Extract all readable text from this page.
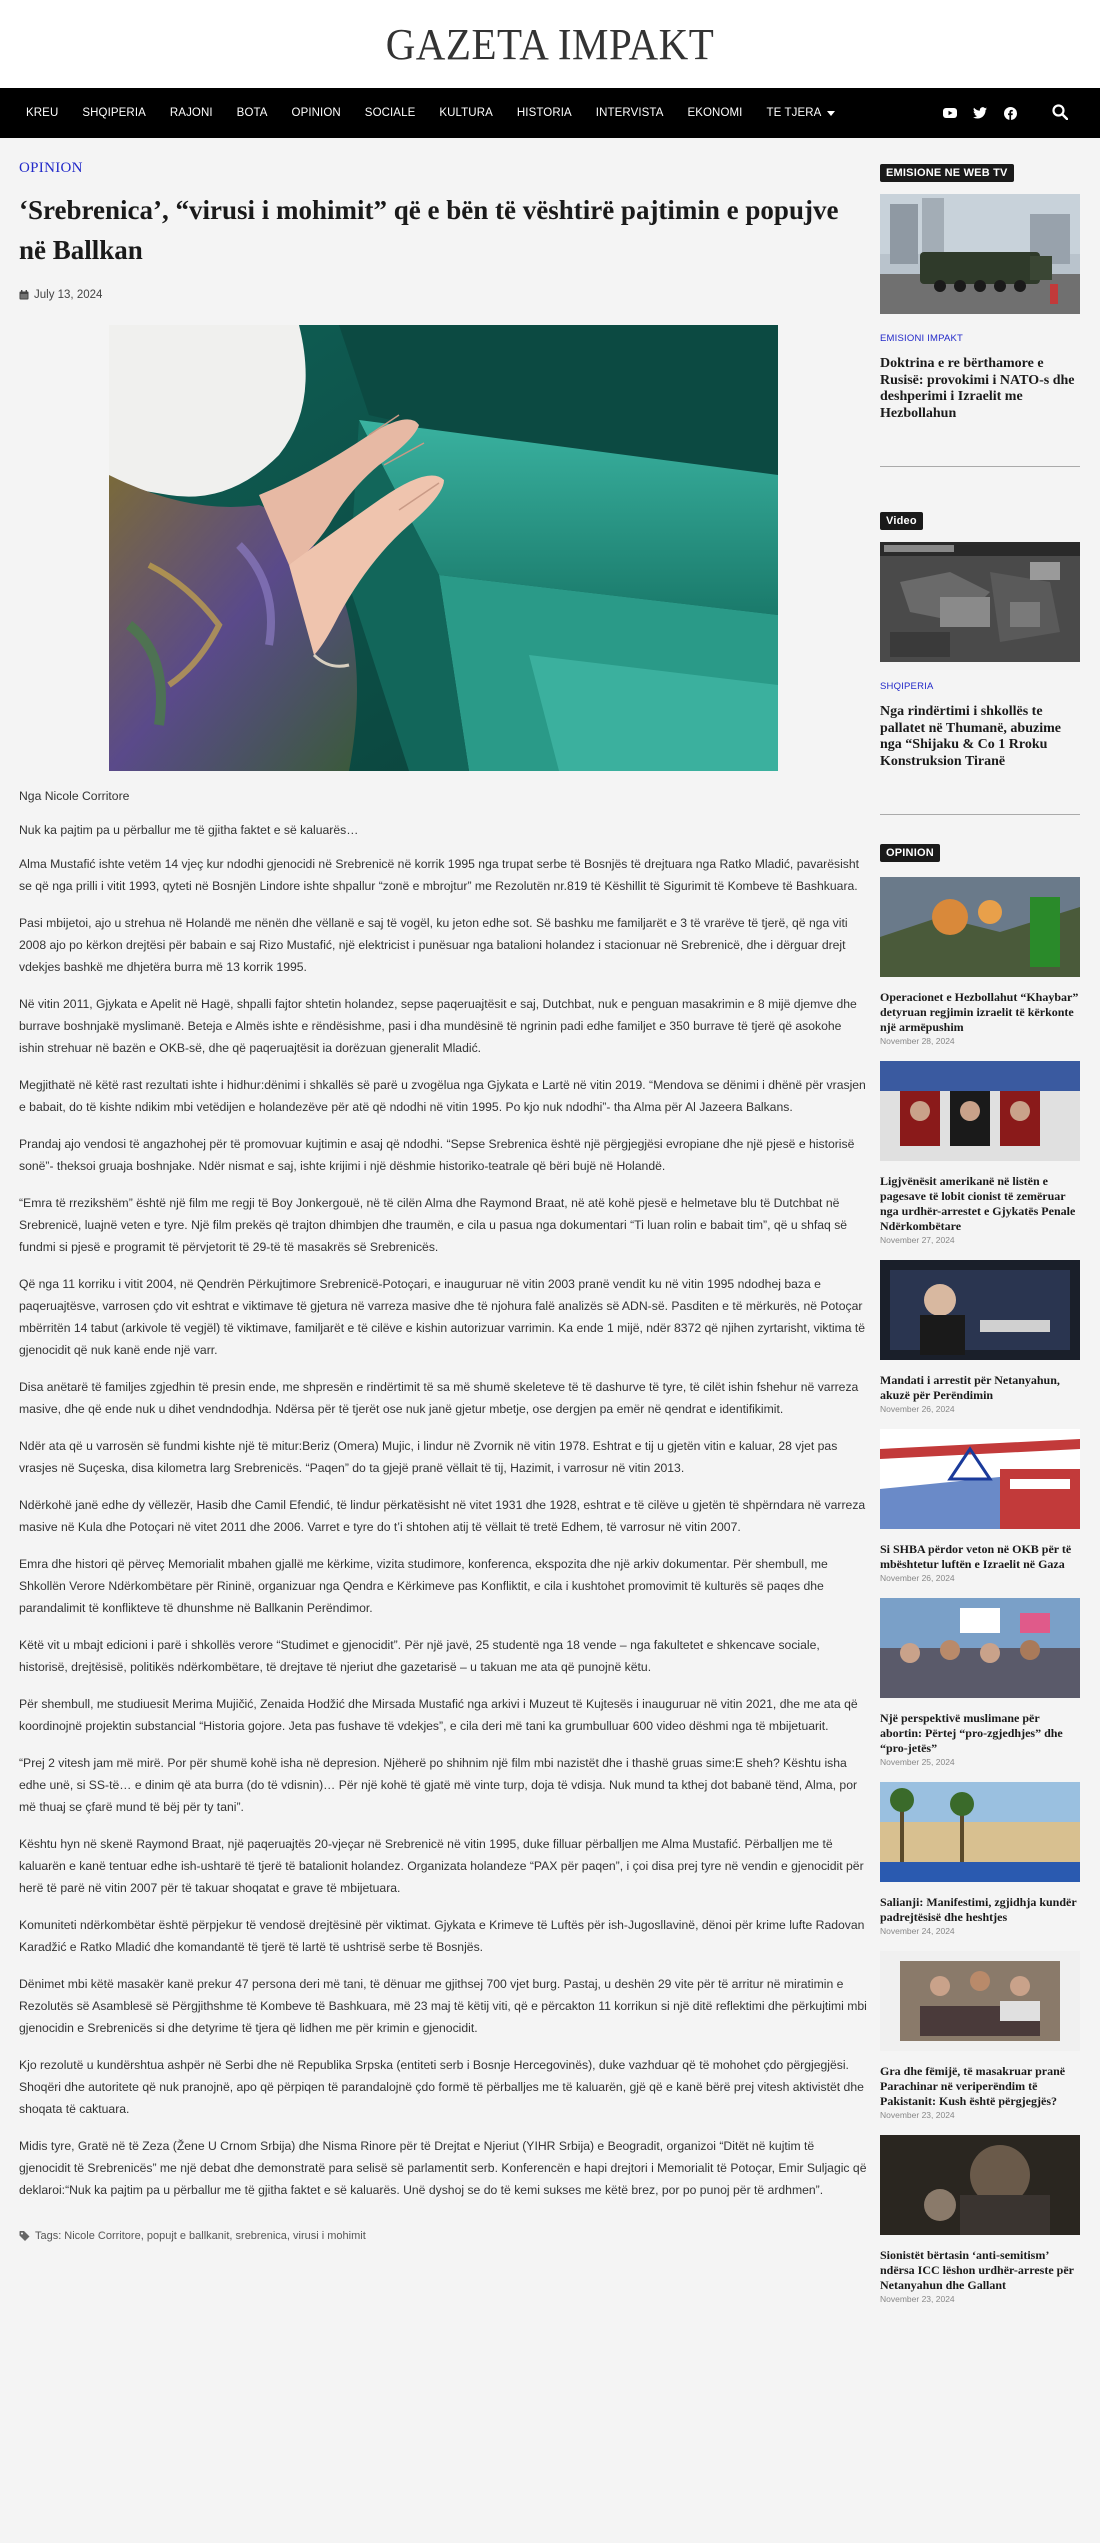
GAZETA IMPAKT
KREU SHQIPERIA RAJONI BOTA OPINION SOCIALE KULTURA HISTORIA INTERVISTA EKONOMI TE TJERA
OPINION
‘Srebrenica’, “virusi i mohimit” që e bën të vështirë pajtimin e popujve në Ballkan
July 13, 2024

Nga Nicole Corritore

Nuk ka pajtim pa u përballur me të gjitha faktet e së kaluarës…

Alma Mustafić ishte vetëm 14 vjeç kur ndodhi gjenocidi në Srebrenicë në korrik 1995 nga trupat serbe të Bosnjës të drejtuara nga Ratko Mladić, pavarësisht se që nga prilli i vitit 1993, qyteti në Bosnjën Lindore ishte shpallur “zonë e mbrojtur” me Rezolutën nr.819 të Këshillit të Sigurimit të Kombeve të Bashkuara.

Pasi mbijetoi, ajo u strehua në Holandë me nënën dhe vëllanë e saj të vogël, ku jeton edhe sot. Së bashku me familjarët e 3 të vrarëve të tjerë, që nga viti 2008 ajo po kërkon drejtësi për babain e saj Rizo Mustafić, një elektricist i punësuar nga batalioni holandez i stacionuar në Srebrenicë, dhe i dërguar drejt vdekjes bashkë me dhjetëra burra më 13 korrik 1995.

Në vitin 2011, Gjykata e Apelit në Hagë, shpalli fajtor shtetin holandez, sepse paqeruajtësit e saj, Dutchbat, nuk e penguan masakrimin e 8 mijë djemve dhe burrave boshnjakë myslimanë. Beteja e Almës ishte e rëndësishme, pasi i dha mundësinë të ngrinin padi edhe familjet e 350 burrave të tjerë që asokohe ishin strehuar në bazën e OKB-së, dhe që paqeruajtësit ia dorëzuan gjeneralit Mladić.

Megjithatë në këtë rast rezultati ishte i hidhur:dënimi i shkallës së parë u zvogëlua nga Gjykata e Lartë në vitin 2019. “Mendova se dënimi i dhënë për vrasjen e babait, do të kishte ndikim mbi vetëdijen e holandezëve për atë që ndodhi në vitin 1995. Po kjo nuk ndodhi”- tha Alma për Al Jazeera Balkans.

Prandaj ajo vendosi të angazhohej për të promovuar kujtimin e asaj që ndodhi. “Sepse Srebrenica është një përgjegjësi evropiane dhe një pjesë e historisë sonë”- theksoi gruaja boshnjake. Ndër nismat e saj, ishte krijimi i një dëshmie historiko-teatrale që bëri bujë në Holandë.

“Emra të rrezikshëm” është një film me regji të Boy Jonkergouë, në të cilën Alma dhe Raymond Braat, në atë kohë pjesë e helmetave blu të Dutchbat në Srebrenicë, luajnë veten e tyre. Një film prekës që trajton dhimbjen dhe traumën, e cila u pasua nga dokumentari “Ti luan rolin e babait tim”, që u shfaq së fundmi si pjesë e programit të përvjetorit të 29-të të masakrës së Srebrenicës.

Që nga 11 korriku i vitit 2004, në Qendrën Përkujtimore Srebrenicë-Potoçari, e inauguruar në vitin 2003 pranë vendit ku në vitin 1995 ndodhej baza e paqeruajtësve, varrosen çdo vit eshtrat e viktimave të gjetura në varreza masive dhe të njohura falë analizës së ADN-së. Pasditen e të mërkurës, në Potoçar mbërritën 14 tabut (arkivole të vegjël) të viktimave, familjarët e të cilëve e kishin autorizuar varrimin. Ka ende 1 mijë, ndër 8372 që njihen zyrtarisht, viktima të gjenocidit që nuk kanë ende një varr.

Disa anëtarë të familjes zgjedhin të presin ende, me shpresën e rindërtimit të sa më shumë skeleteve të të dashurve të tyre, të cilët ishin fshehur në varreza masive, dhe që ende nuk u dihet vendndodhja. Ndërsa për të tjerët ose nuk janë gjetur mbetje, ose dergjen pa emër në qendrat e identifikimit.

Ndër ata që u varrosën së fundmi kishte një të mitur:Beriz (Omera) Mujic, i lindur në Zvornik në vitin 1978. Eshtrat e tij u gjetën vitin e kaluar, 28 vjet pas vrasjes në Suçeska, disa kilometra larg Srebrenicës. “Paqen” do ta gjejë pranë vëllait të tij, Hazimit, i varrosur në vitin 2013.

Ndërkohë janë edhe dy vëllezër, Hasib dhe Camil Efendić, të lindur përkatësisht në vitet 1931 dhe 1928, eshtrat e të cilëve u gjetën të shpërndara në varreza masive në Kula dhe Potoçari në vitet 2011 dhe 2006. Varret e tyre do t’i shtohen atij të vëllait të tretë Edhem, të varrosur në vitin 2007.

Emra dhe histori që përveç Memorialit mbahen gjallë me kërkime, vizita studimore, konferenca, ekspozita dhe një arkiv dokumentar. Për shembull, me Shkollën Verore Ndërkombëtare për Rininë, organizuar nga Qendra e Kërkimeve pas Konfliktit, e cila i kushtohet promovimit të kulturës së paqes dhe parandalimit të konflikteve të dhunshme në Ballkanin Perëndimor.

Këtë vit u mbajt edicioni i parë i shkollës verore “Studimet e gjenocidit”. Për një javë, 25 studentë nga 18 vende – nga fakultetet e shkencave sociale, historisë, drejtësisë, politikës ndërkombëtare, të drejtave të njeriut dhe gazetarisë – u takuan me ata që punojnë këtu.

Për shembull, me studiuesit Merima Mujičić, Zenaida Hodžić dhe Mirsada Mustafić nga arkivi i Muzeut të Kujtesës i inauguruar në vitin 2021, dhe me ata që koordinojnë projektin substancial “Historia gojore. Jeta pas fushave të vdekjes”, e cila deri më tani ka grumbulluar 600 video dëshmi nga të mbijetuarit.

“Prej 2 vitesh jam më mirë. Por për shumë kohë isha në depresion. Njëherë po shihnim një film mbi nazistët dhe i thashë gruas sime:E sheh? Kështu isha edhe unë, si SS-të… e dinim që ata burra (do të vdisnin)… Për një kohë të gjatë më vinte turp, doja të vdisja. Nuk mund ta kthej dot babanë tënd, Alma, por më thuaj se çfarë mund të bëj për ty tani”.

Kështu hyn në skenë Raymond Braat, një paqeruajtës 20-vjeçar në Srebrenicë në vitin 1995, duke filluar përballjen me Alma Mustafić. Përballjen me të kaluarën e kanë tentuar edhe ish-ushtarë të tjerë të batalionit holandez. Organizata holandeze “PAX për paqen”, i çoi disa prej tyre në vendin e gjenocidit për herë të parë në vitin 2007 për të takuar shoqatat e grave të mbijetuara.

Komuniteti ndërkombëtar është përpjekur të vendosë drejtësinë për viktimat. Gjykata e Krimeve të Luftës për ish-Jugosllavinë, dënoi për krime lufte Radovan Karadžić e Ratko Mladić dhe komandantë të tjerë të lartë të ushtrisë serbe të Bosnjës.

Dënimet mbi këtë masakër kanë prekur 47 persona deri më tani, të dënuar me gjithsej 700 vjet burg. Pastaj, u deshën 29 vite për të arritur në miratimin e Rezolutës së Asamblesë së Përgjithshme të Kombeve të Bashkuara, më 23 maj të këtij viti, që e përcakton 11 korrikun si një ditë reflektimi dhe përkujtimi mbi gjenocidin e Srebrenicës si dhe detyrime të tjera që lidhen me për krimin e gjenocidit.

Kjo rezolutë u kundërshtua ashpër në Serbi dhe në Republika Srpska (entiteti serb i Bosnje Hercegovinës), duke vazhduar që të mohohet çdo përgjegjësi. Shoqëri dhe autoritete që nuk pranojnë, apo që përpiqen të parandalojnë çdo formë të përballjes me të kaluarën, gjë që e kanë bërë prej vitesh aktivistët dhe shoqata të caktuara.

Midis tyre, Gratë në të Zeza (Žene U Crnom Srbija) dhe Nisma Rinore për të Drejtat e Njeriut (YIHR Srbija) e Beogradit, organizoi “Ditët në kujtim të gjenocidit të Srebrenicës” me një debat dhe demonstratë para selisë së parlamentit serb. Konferencën e hapi drejtori i Memorialit të Potoçar, Emir Suljagic që deklaroi:“Nuk ka pajtim pa u përballur me të gjitha faktet e së kaluarës. Unë dyshoj se do të kemi sukses me këtë brez, por po punoj për të ardhmen”.

Tags: Nicole Corritore, popujt e ballkanit, srebrenica, virusi i mohimit
EMISIONE NE WEB TV
EMISIONI IMPAKT
Doktrina e re bërthamore e Rusisë: provokimi i NATO-s dhe deshperimi i Izraelit me Hezbollahun
Video
SHQIPERIA
Nga rindërtimi i shkollës te pallatet në Thumanë, abuzime nga “Shijaku & Co 1 Rroku Konstruksion Tiranë
OPINION
Operacionet e Hezbollahut “Khaybar” detyruan regjimin izraelit të kërkonte një armëpushim
November 28, 2024
Ligjvënësit amerikanë në listën e pagesave të lobit cionist të zemëruar nga urdhër-arrestet e Gjykatës Penale Ndërkombëtare
November 27, 2024
Mandati i arrestit për Netanyahun, akuzë për Perëndimin
November 26, 2024
Si SHBA përdor veton në OKB për të mbështetur luftën e Izraelit në Gaza
November 26, 2024
Një perspektivë muslimane për abortin: Përtej “pro-zgjedhjes” dhe “pro-jetës”
November 25, 2024
Salianji: Manifestimi, zgjidhja kundër padrejtësisë dhe heshtjes
November 24, 2024
Gra dhe fëmijë, të masakruar pranë Parachinar në veriperëndim të Pakistanit: Kush është përgjegjës?
November 23, 2024
Sionistët bërtasin ‘anti-semitism’ ndërsa ICC lëshon urdhër-arreste për Netanyahun dhe Gallant
November 23, 2024
